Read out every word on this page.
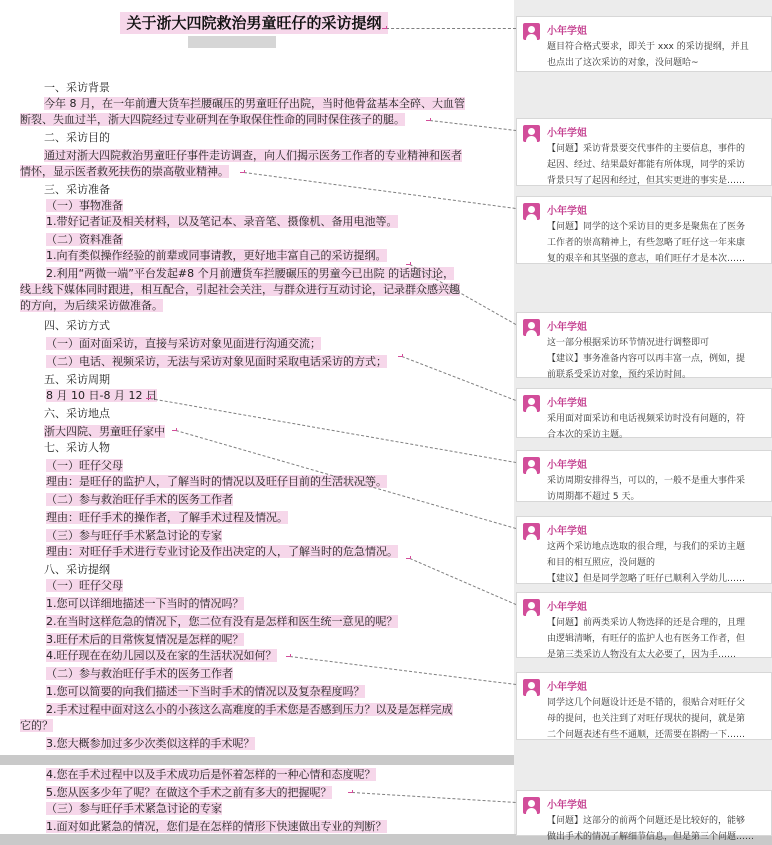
关于浙大四院救治男童旺仔的采访提纲
一、采访背景
今年 8 月，在一年前遭大货车拦腰碾压的男童旺仔出院，当时他骨盆基本全碎、大血管
断裂、失血过半，浙大四院经过专业研判在争取保住性命的同时保住孩子的腿。
二、采访目的
通过对浙大四院救治男童旺仔事件走访调查，向人们揭示医务工作者的专业精神和医者
情怀，显示医者救死扶伤的崇高敬业精神。
三、采访准备
（一）事物准备
1.带好记者证及相关材料，以及笔记本、录音笔、摄像机、备用电池等。
（二）资料准备
1.向有类似操作经验的前辈或同事请教，更好地丰富自己的采访提纲。
2.利用“两微一端”平台发起#8 个月前遭货车拦腰碾压的男童今已出院 的话题讨论，
线上线下媒体同时跟进，相互配合，引起社会关注，与群众进行互动讨论，记录群众感兴趣
的方向，为后续采访做准备。
四、采访方式
（一）面对面采访，直接与采访对象见面进行沟通交流；
（二）电话、视频采访，无法与采访对象见面时采取电话采访的方式；
五、采访周期
8 月 10 日-8 月 12 日
六、采访地点
浙大四院、男童旺仔家中
七、采访人物
（一）旺仔父母
理由：是旺仔的监护人，了解当时的情况以及旺仔目前的生活状况等。
（二）参与救治旺仔手术的医务工作者
理由：旺仔手术的操作者，了解手术过程及情况。
（三）参与旺仔手术紧急讨论的专家
理由：对旺仔手术进行专业讨论及作出决定的人，了解当时的危急情况。
八、采访提纲
（一）旺仔父母
1.您可以详细地描述一下当时的情况吗？
2.在当时这样危急的情况下，您二位有没有是怎样和医生统一意见的呢？
3.旺仔术后的日常恢复情况是怎样的呢？
4.旺仔现在在幼儿园以及在家的生活状况如何？
（二）参与救治旺仔手术的医务工作者
1.您可以简要的向我们描述一下当时手术的情况以及复杂程度吗？
2.手术过程中面对这么小的小孩这么高难度的手术您是否感到压力？以及是怎样完成
它的？
3.您大概参加过多少次类似这样的手术呢？
4.您在手术过程中以及手术成功后是怀着怎样的一种心情和态度呢？
5.您从医多少年了呢？在做这个手术之前有多大的把握呢？
（三）参与旺仔手术紧急讨论的专家
1.面对如此紧急的情况，您们是在怎样的情形下快速做出专业的判断？
小年学姐
题目符合格式要求，即关于 xxx 的采访提纲，并且
也点出了这次采访的对象，没问题哈~
小年学姐
【问题】采访背景要交代事件的主要信息，事件的
起因、经过、结果最好都能有所体现，同学的采访
背景只写了起因和经过，但其实更进的事实是……
小年学姐
【问题】同学的这个采访目的更多是聚焦在了医务
工作者的崇高精神上，有些忽略了旺仔这一年来康
复的艰辛和其坚强的意志，咱们旺仔才是本次……
小年学姐
这一部分根据采访环节情况进行调整即可
【建议】事务准备内容可以再丰富一点，例如，提
前联系受采访对象，预约采访时间。
小年学姐
采用面对面采访和电话视频采访时没有问题的，符
合本次的采访主题。
小年学姐
采访周期安排得当，可以的，一般不是重大事件采
访周期都不超过 5 天。
小年学姐
这两个采访地点选取的很合理，与我们的采访主题
和目的相互照应，没问题的
【建议】但是同学忽略了旺仔已顺利入学幼儿……
小年学姐
【问题】前两类采访人物选择的还是合理的，且理
由逻辑清晰，有旺仔的监护人也有医务工作者，但
是第三类采访人物没有太大必要了，因为手……
小年学姐
同学这几个问题设计还是不错的，很贴合对旺仔父
母的提问，也关注到了对旺仔现状的提问，就是第
二个问题表述有些不通顺，还需要在斟酌一下……
小年学姐
【问题】这部分的前两个问题还是比较好的，能够
做出手术的情况了解细节信息，但是第三个问题……
